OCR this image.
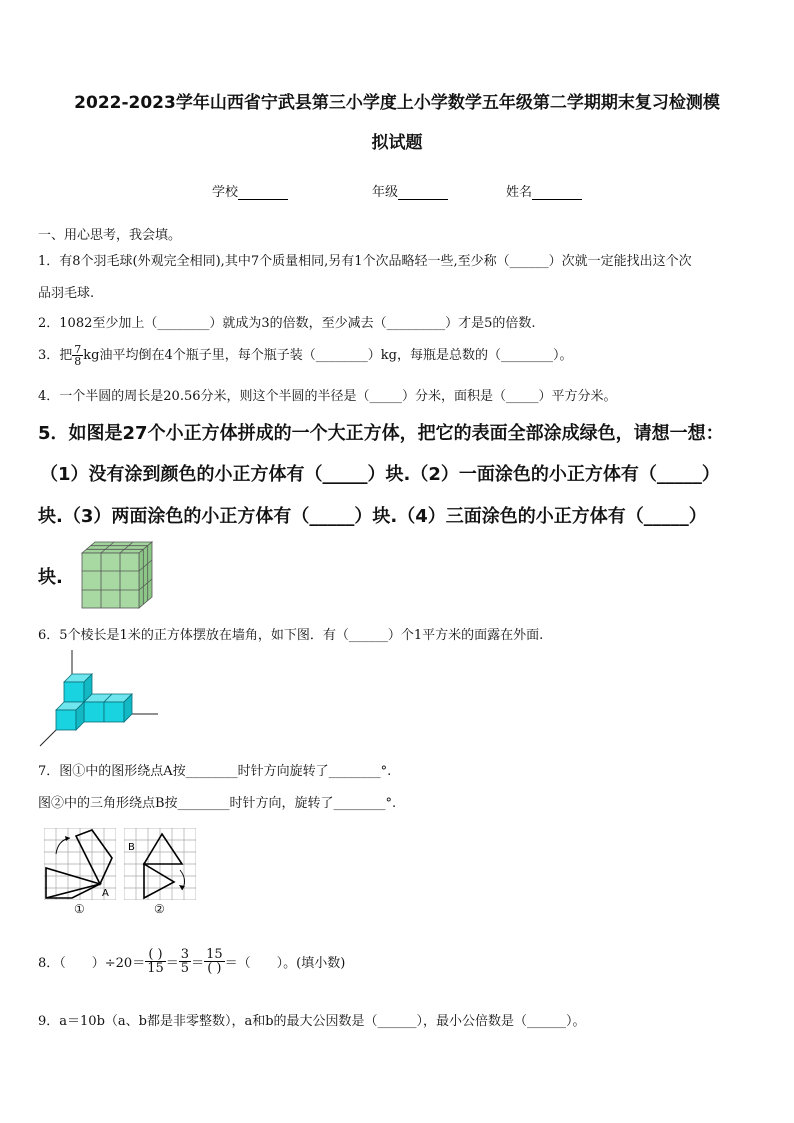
2022-2023学年山西省宁武县第三小学度上小学数学五年级第二学期期末复习检测模
拟试题
学校	年级	姓名
一、用心思考，我会填。
1．有8个羽毛球(外观完全相同),其中7个质量相同,另有1个次品略轻一些,至少称（______）次就一定能找出这个次
品羽毛球.
2．1082至少加上（________）就成为3的倍数，至少减去（_________）才是5的倍数.
3．把 $\frac{7}{8}$ kg油平均倒在4个瓶子里，每个瓶子装（________）kg，每瓶是总数的（________）。
4．一个半圆的周长是20.56分米，则这个半圆的半径是（_____）分米，面积是（_____）平方分米。
5．如图是27个小正方体拼成的一个大正方体，把它的表面全部涂成绿色，请想一想：
（1）没有涂到颜色的小正方体有（_____）块.（2）一面涂色的小正方体有（_____）
块.（3）两面涂色的小正方体有（_____）块.（4）三面涂色的小正方体有（_____）
块.
6．5个棱长是1米的正方体摆放在墙角，如下图．有（______）个1平方米的面露在外面.
7．图①中的图形绕点A按________时针方向旋转了________°.
图②中的三角形绕点B按________时针方向，旋转了________°.
A
①
B
②
8．（　　）$\div 20= \frac{( )}{15} = \frac{3}{5} = \frac{15}{( )}$ ＝（　　）。(填小数)
9．a＝10b（a、b都是非零整数），a和b的最大公因数是（______），最小公倍数是（______）。
